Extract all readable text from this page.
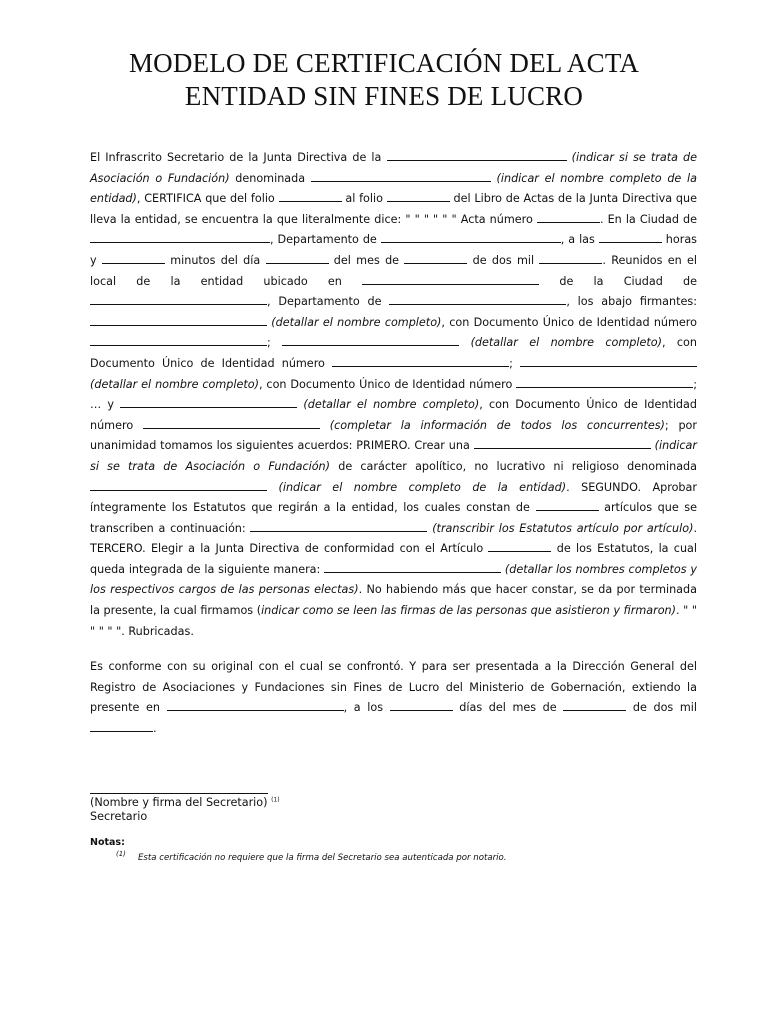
MODELO DE CERTIFICACIÓN DEL ACTA
ENTIDAD SIN FINES DE LUCRO
El Infrascrito Secretario de la Junta Directiva de la	(indicar si se trata de Asociación o Fundación) denominada	(indicar el nombre completo de la entidad), CERTIFICA que del folio	al folio	del Libro de Actas de la Junta Directiva que lleva la entidad, se encuentra la que literalmente dice: " " " " " " Acta número	. En la Ciudad de , Departamento de	, a las	horas y	minutos del día	del mes de	de dos mil	. Reunidos en el local de la entidad ubicado en	de la Ciudad de , Departamento de	, los abajo firmantes:  (detallar el nombre completo), con Documento Único de Identidad número ;	(detallar el nombre completo), con Documento Único de Identidad número	;  (detallar el nombre completo), con Documento Único de Identidad número	; … y	(detallar el nombre completo), con Documento Único de Identidad número	(completar la información de todos los concurrentes); por unanimidad tomamos los siguientes acuerdos: PRIMERO. Crear una	(indicar si se trata de Asociación o Fundación) de carácter apolítico, no lucrativo ni religioso denominada  (indicar el nombre completo de la entidad). SEGUNDO. Aprobar íntegramente los Estatutos que regirán a la entidad, los cuales constan de	artículos que se transcriben a continuación:	(transcribir los Estatutos artículo por artículo). TERCERO. Elegir a la Junta Directiva de conformidad con el Artículo	de los Estatutos, la cual queda integrada de la siguiente manera:	(detallar los nombres completos y los respectivos cargos de las personas electas). No habiendo más que hacer constar, se da por terminada la presente, la cual firmamos (indicar como se leen las firmas de las personas que asistieron y firmaron). " " " " " ". Rubricadas.
Es conforme con su original con el cual se confrontó. Y para ser presentada a la Dirección General del Registro de Asociaciones y Fundaciones sin Fines de Lucro del Ministerio de Gobernación, extiendo la presente en	, a los	días del mes de	de dos mil .
(Nombre y firma del Secretario) $^{(1)}$
Secretario
Notas:
(1) Esta certificación no requiere que la firma del Secretario sea autenticada por notario.
